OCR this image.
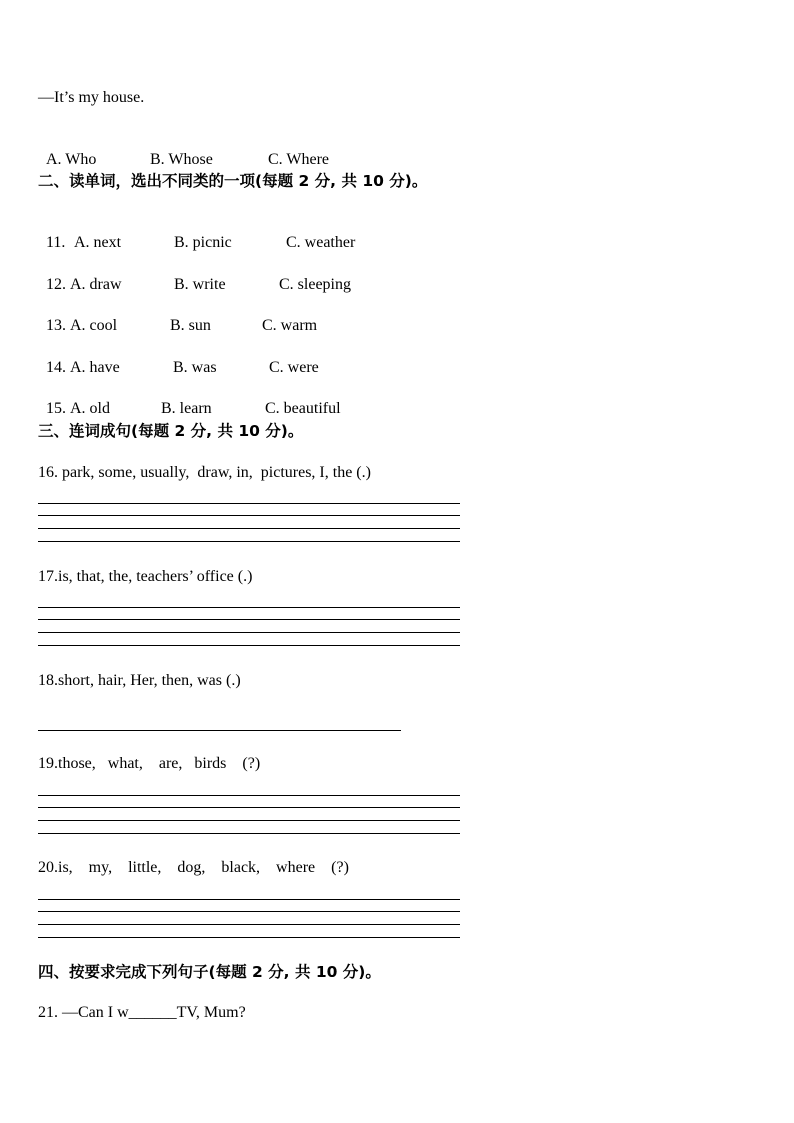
—It’s my house.

A. Who	B. Whose	C. Where

二、读单词，选出不同类的一项(每题 2 分, 共 10 分)。

11. A. next	B. picnic	C. weather

12. A. draw	B. write	C. sleeping

13. A. cool	B. sun	C. warm

14. A. have	B. was	C. were

15. A. old	B. learn	C. beautiful

三、连词成句(每题 2 分, 共 10 分)。
16. park, some, usually,  draw, in,  pictures, I, the (.)
17.is, that, the, teachers’ office (.)
18.short, hair, Her, then, was (.)
19.those,   what,    are,   birds    (?)
20.is,    my,    little,    dog,    black,    where    (?)
四、按要求完成下列句子(每题 2 分, 共 10 分)。
21. —Can I w______TV, Mum?
